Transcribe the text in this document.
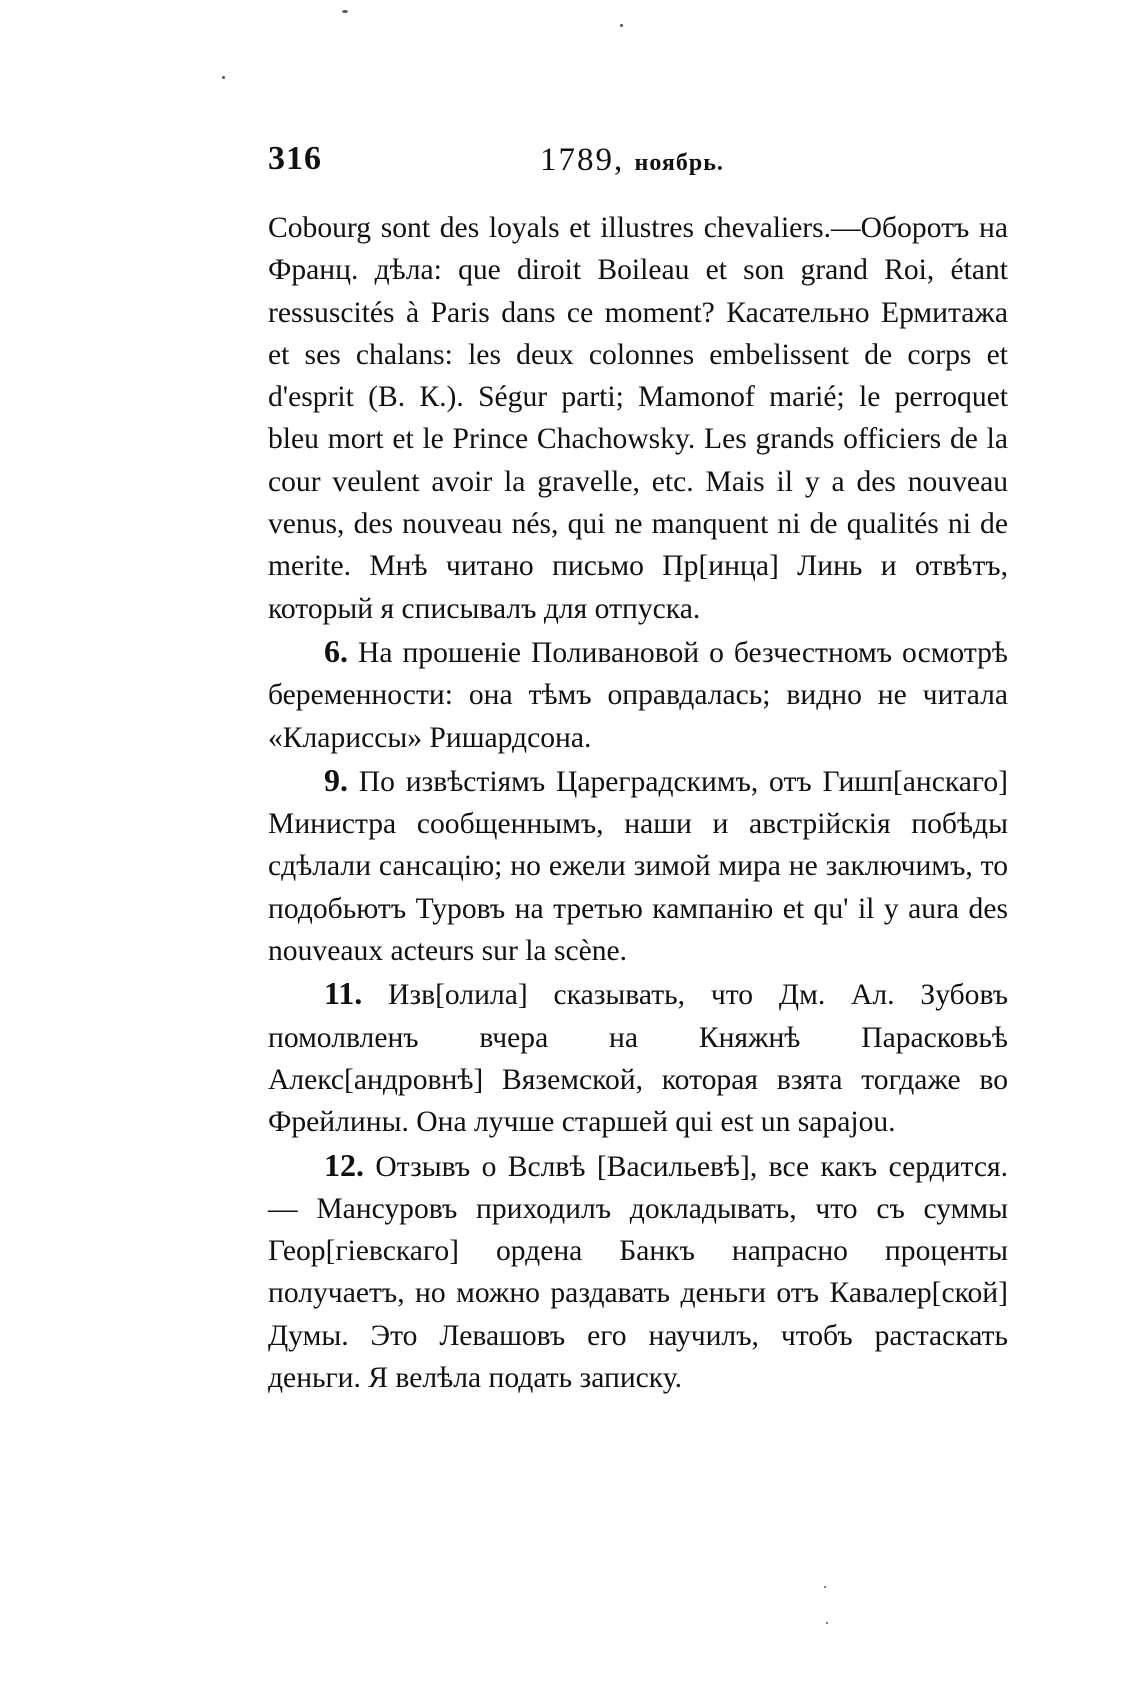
316	1789, ноябрь.

Cobourg sont des loyals et illustres chevaliers.—Оборотъ на Франц. дѣла: que diroit Boileau et son grand Roi, étant ressuscités à Paris dans ce moment? Касательно Ермитажа et ses chalans: les deux colonnes embelissent de corps et d'esprit (В. К.). Ségur parti; Mamonof marié; le perroquet bleu mort et le Prince Chachowsky. Les grands officiers de la cour veulent avoir la gravelle, etc. Mais il y a des nouveau venus, des nouveau nés, qui ne manquent ni de qualités ni de merite. Мнѣ читано письмо Пр[инца] Линь и отвѣтъ, который я списывалъ для отпуска.

6. На прошеніе Поливановой о безчестномъ осмотрѣ беременности: она тѣмъ оправдалась; видно не читала «Клариссы» Ришардсона.

9. По извѣстіямъ Цареградскимъ, отъ Гишп[анскаго] Министра сообщеннымъ, наши и австрійскія побѣды сдѣлали сансацію; но ежели зимой мира не заключимъ, то подобьютъ Туровъ на третью кампанію et qu' il y aura des nouveaux acteurs sur la scène.

11. Изв[олила] сказывать, что Дм. Ал. Зубовъ помолвленъ вчера на Княжнѣ Парасковьѣ Алекс[андровнѣ] Вяземской, которая взята тогдаже во Фрейлины. Она лучше старшей qui est un sapajou.

12. Отзывъ о Вслвѣ [Васильевѣ], все какъ сердится. — Мансуровъ приходилъ докладывать, что съ суммы Геор[гіевскаго] ордена Банкъ напрасно проценты получаетъ, но можно раздавать деньги отъ Кавалер[ской] Думы. Это Левашовъ его научилъ, чтобъ растаскать деньги. Я велѣла подать записку.
